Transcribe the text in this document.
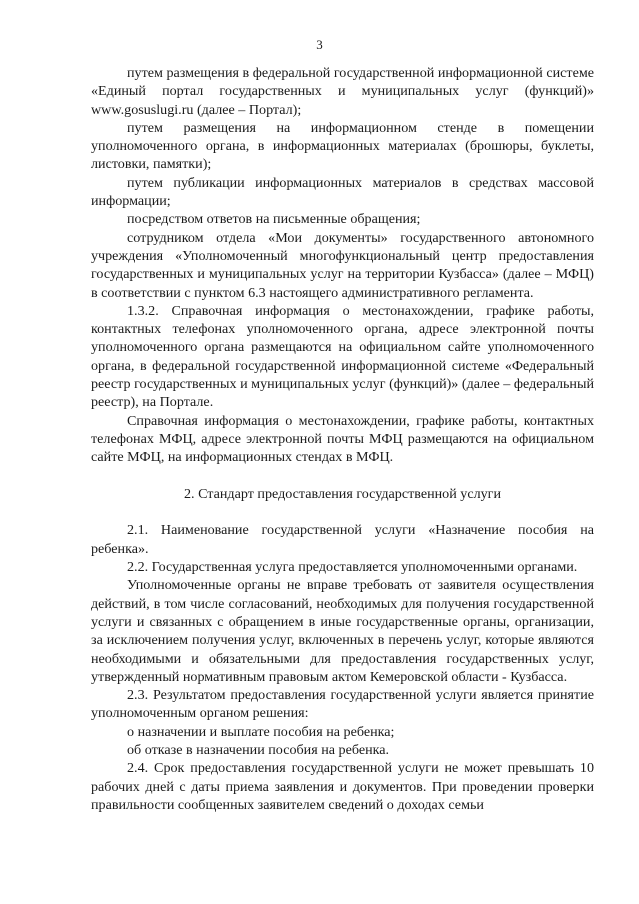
3

путем размещения в федеральной государственной информационной системе «Единый портал государственных и муниципальных услуг (функций)» www.gosuslugi.ru (далее – Портал);

путем размещения на информационном стенде в помещении уполномоченного органа, в информационных материалах (брошюры, буклеты, листовки, памятки);

путем публикации информационных материалов в средствах массовой информации;

посредством ответов на письменные обращения;

сотрудником отдела «Мои документы» государственного автономного учреждения «Уполномоченный многофункциональный центр предоставления государственных и муниципальных услуг на территории Кузбасса» (далее – МФЦ) в соответствии с пунктом 6.3 настоящего административного регламента.

1.3.2. Справочная информация о местонахождении, графике работы, контактных телефонах уполномоченного органа, адресе электронной почты уполномоченного органа размещаются на официальном сайте уполномоченного органа, в федеральной государственной информационной системе «Федеральный реестр государственных и муниципальных услуг (функций)» (далее – федеральный реестр), на Портале.

Справочная информация о местонахождении, графике работы, контактных телефонах МФЦ, адресе электронной почты МФЦ размещаются на официальном сайте МФЦ, на информационных стендах в МФЦ.

2. Стандарт предоставления государственной услуги

2.1. Наименование государственной услуги «Назначение пособия на ребенка».

2.2. Государственная услуга предоставляется уполномоченными органами.

Уполномоченные органы не вправе требовать от заявителя осуществления действий, в том числе согласований, необходимых для получения государственной услуги и связанных с обращением в иные государственные органы, организации, за исключением получения услуг, включенных в перечень услуг, которые являются необходимыми и обязательными для предоставления государственных услуг, утвержденный нормативным правовым актом Кемеровской области - Кузбасса.

2.3. Результатом предоставления государственной услуги является принятие уполномоченным органом решения:

о назначении и выплате пособия на ребенка;

об отказе в назначении пособия на ребенка.

2.4. Срок предоставления государственной услуги не может превышать 10 рабочих дней с даты приема заявления и документов. При проведении проверки правильности сообщенных заявителем сведений о доходах семьи
